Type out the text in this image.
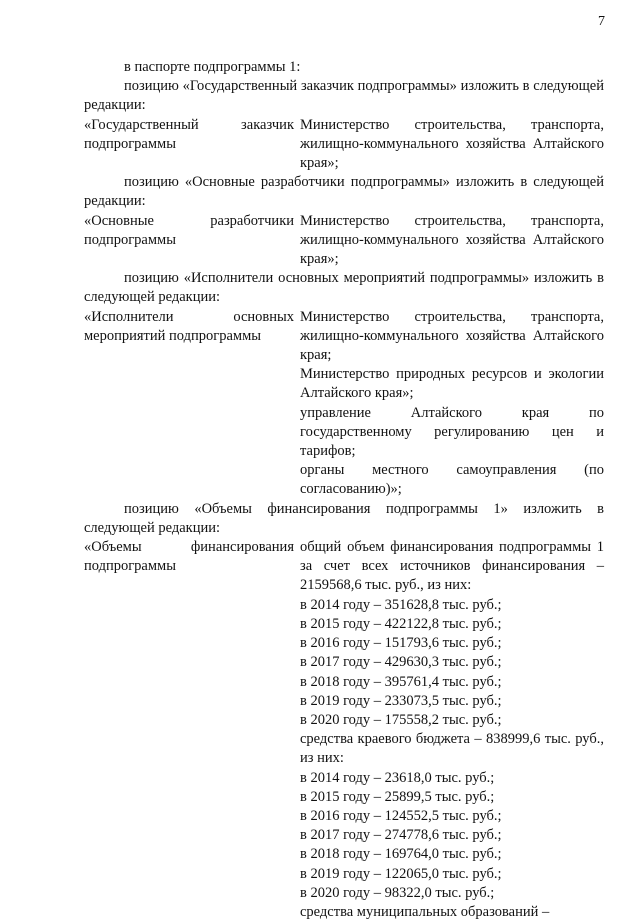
7

в паспорте подпрограммы 1:

позицию «Государственный заказчик подпрограммы» изложить в следующей редакции:

«Государственный заказчик подпрограммы
Министерство строительства, транспорта, жилищно-коммунального хозяйства Алтайского края»;

позицию «Основные разработчики подпрограммы» изложить в следующей редакции:

«Основные разработчики подпрограммы
Министерство строительства, транспорта, жилищно-коммунального хозяйства Алтайского края»;

позицию «Исполнители основных мероприятий подпрограммы» изложить в следующей редакции:

«Исполнители основных мероприятий подпрограммы
Министерство строительства, транспорта, жилищно-коммунального хозяйства Алтайского края;
Министерство природных ресурсов и экологии Алтайского края»;
управление Алтайского края по государственному регулированию цен и тарифов;
органы местного самоуправления (по согласованию)»;

позицию «Объемы финансирования подпрограммы 1» изложить в следующей редакции:

«Объемы финансирования подпрограммы
общий объем финансирования подпрограммы 1 за счет всех источников финансирования – 2159568,6 тыс. руб., из них:
в 2014 году – 351628,8 тыс. руб.;
в 2015 году – 422122,8 тыс. руб.;
в 2016 году – 151793,6 тыс. руб.;
в 2017 году – 429630,3 тыс. руб.;
в 2018 году – 395761,4 тыс. руб.;
в 2019 году – 233073,5 тыс. руб.;
в 2020 году – 175558,2 тыс. руб.;
средства краевого бюджета – 838999,6 тыс. руб., из них:
в 2014 году – 23618,0 тыс. руб.;
в 2015 году – 25899,5 тыс. руб.;
в 2016 году – 124552,5 тыс. руб.;
в 2017 году – 274778,6 тыс. руб.;
в 2018 году – 169764,0 тыс. руб.;
в 2019 году – 122065,0 тыс. руб.;
в 2020 году – 98322,0 тыс. руб.;
средства муниципальных образований –
